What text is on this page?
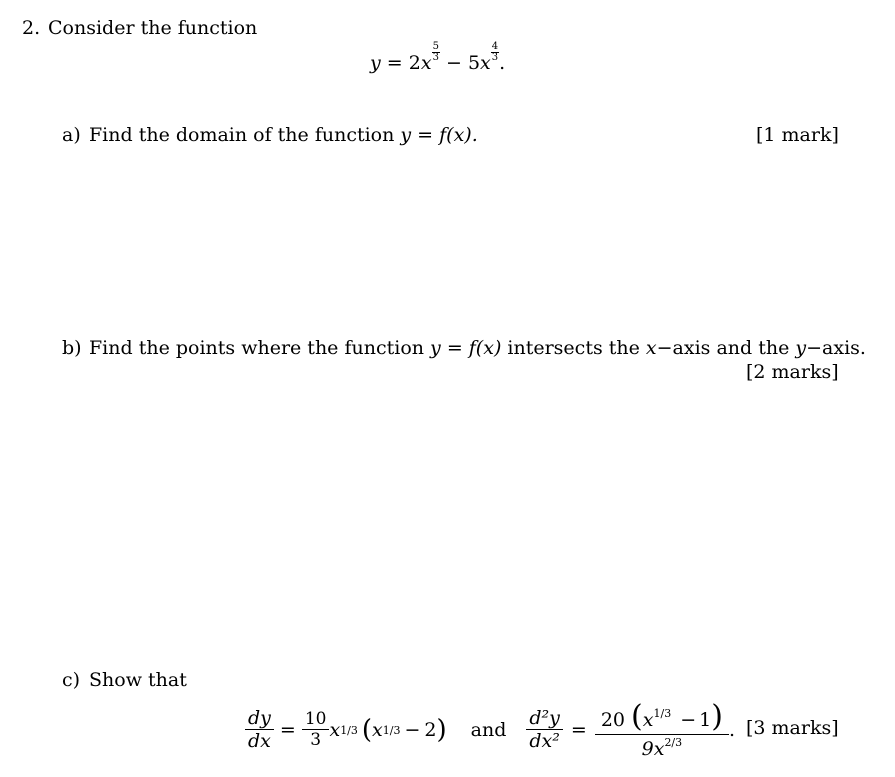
2. Consider the function
$y = 2x \frac{5}{3} - 5x \frac{4}{3}$ .
a) Find the domain of the function y = f(x).	[1 mark]
b) Find the points where the function y = f(x) intersects the x−axis and the y−axis.
[2 marks]
c) Show that
$\frac{dy}{dx} = \frac{10}{3}$ x 1/3 ( x 1/3 − 2 ) and $\frac{\text{d²y}}{\text{dx²}} = \frac{20 (x^{1/3} - 1)}{9x^{2/3}}$ . [3 marks]
